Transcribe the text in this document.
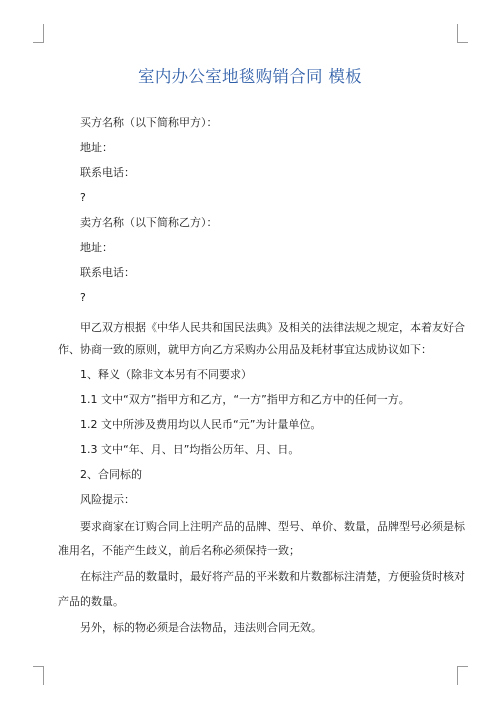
室内办公室地毯购销合同 模板
买方名称（以下简称甲方）：
地址：
联系电话：
?
卖方名称（以下简称乙方）：
地址：
联系电话：
?
甲乙双方根据《中华人民共和国民法典》及相关的法律法规之规定，本着友好合
作、协商一致的原则，就甲方向乙方采购办公用品及耗材事宜达成协议如下：
1、释义（除非文本另有不同要求）
1.1 文中“双方”指甲方和乙方，“一方”指甲方和乙方中的任何一方。
1.2 文中所涉及费用均以人民币“元”为计量单位。
1.3 文中“年、月、日”均指公历年、月、日。
2、合同标的
风险提示：
要求商家在订购合同上注明产品的品牌、型号、单价、数量，品牌型号必须是标
准用名，不能产生歧义，前后名称必须保持一致；
在标注产品的数量时，最好将产品的平米数和片数都标注清楚，方便验货时核对
产品的数量。
另外，标的物必须是合法物品，违法则合同无效。
